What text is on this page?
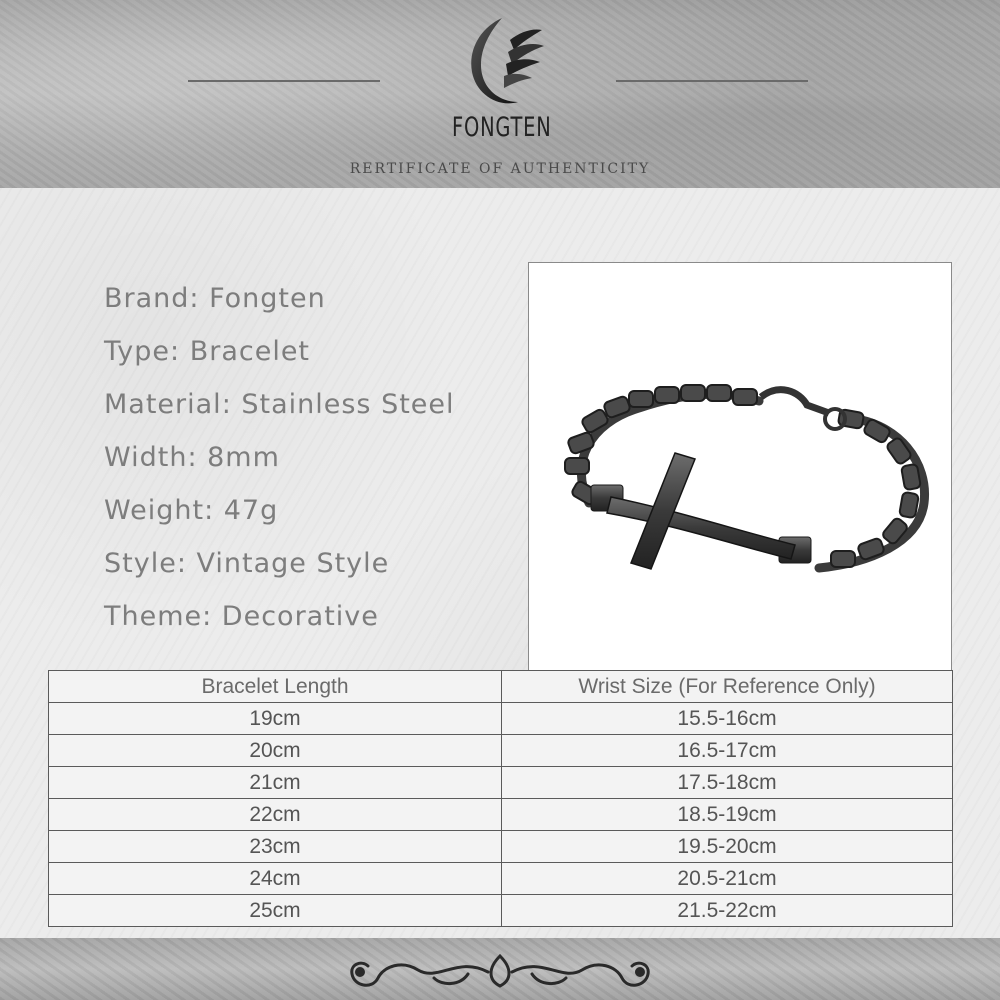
FONGTEN
RERTIFICATE OF AUTHENTICITY
Brand: Fongten
Type: Bracelet
Material: Stainless Steel
Width: 8mm
Weight: 47g
Style: Vintage Style
Theme: Decorative
Bracelet Length	Wrist Size (For Reference Only)
19cm	15.5-16cm
20cm	16.5-17cm
21cm	17.5-18cm
22cm	18.5-19cm
23cm	19.5-20cm
24cm	20.5-21cm
25cm	21.5-22cm
